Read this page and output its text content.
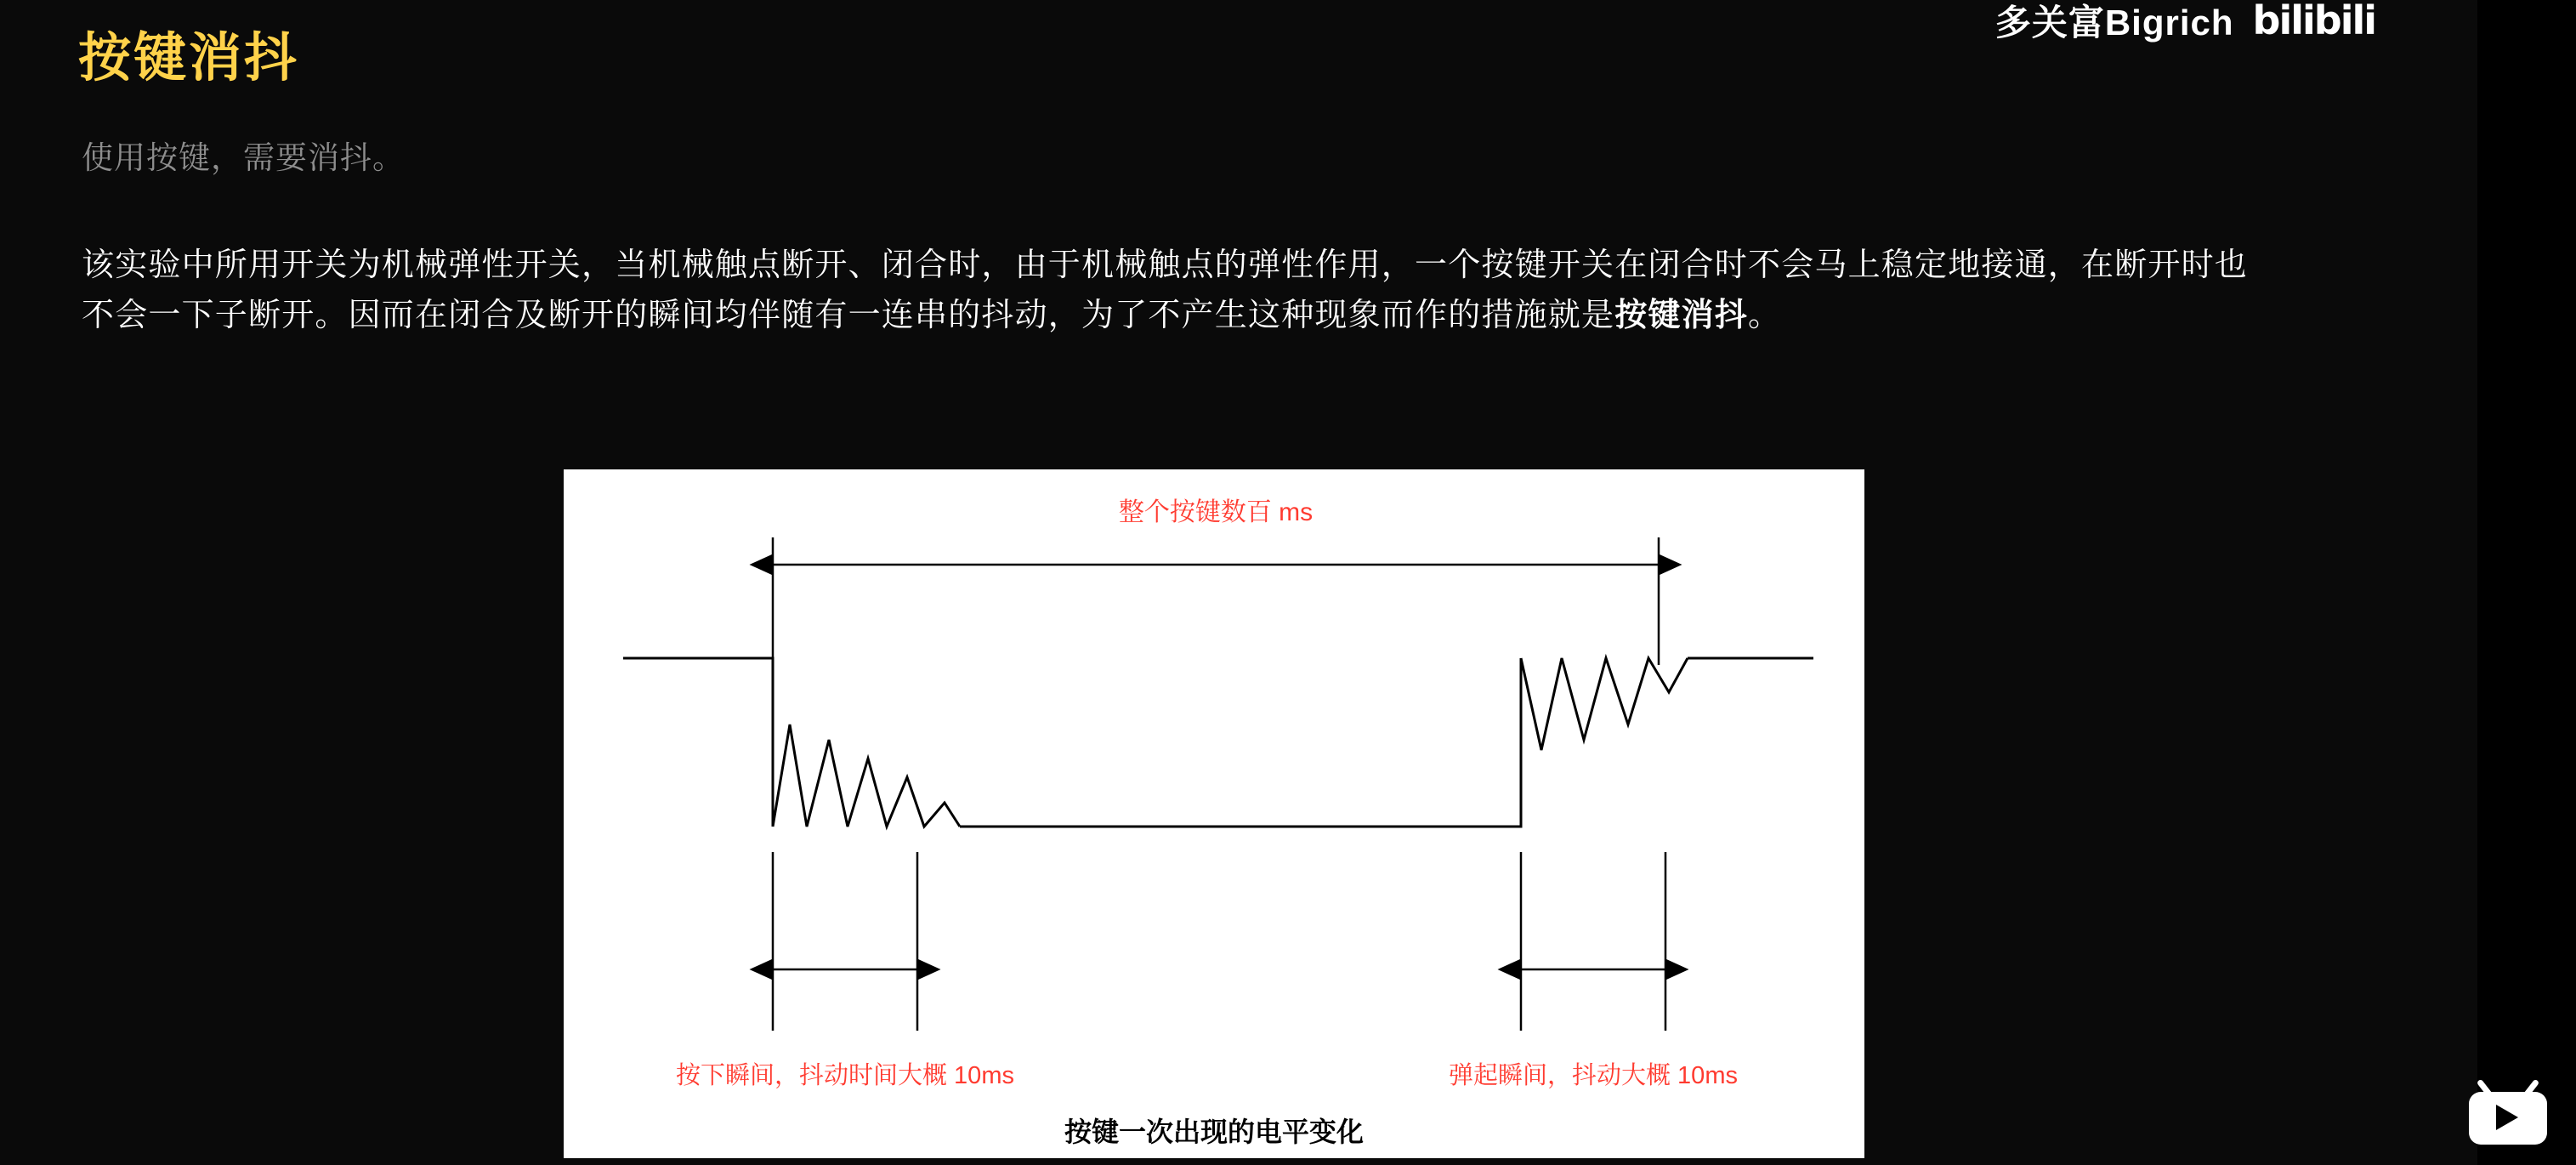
多关富Bigrich bilibili
按键消抖
使用按键，需要消抖。
该实验中所用开关为机械弹性开关，当机械触点断开、闭合时，由于机械触点的弹性作用，一个按键开关在闭合时不会马上稳定地接通，在断开时也不会一下子断开。因而在闭合及断开的瞬间均伴随有一连串的抖动，为了不产生这种现象而作的措施就是按键消抖。
整个按键数百 ms
按下瞬间，抖动时间大概 10ms	弹起瞬间，抖动大概 10ms
按键一次出现的电平变化
